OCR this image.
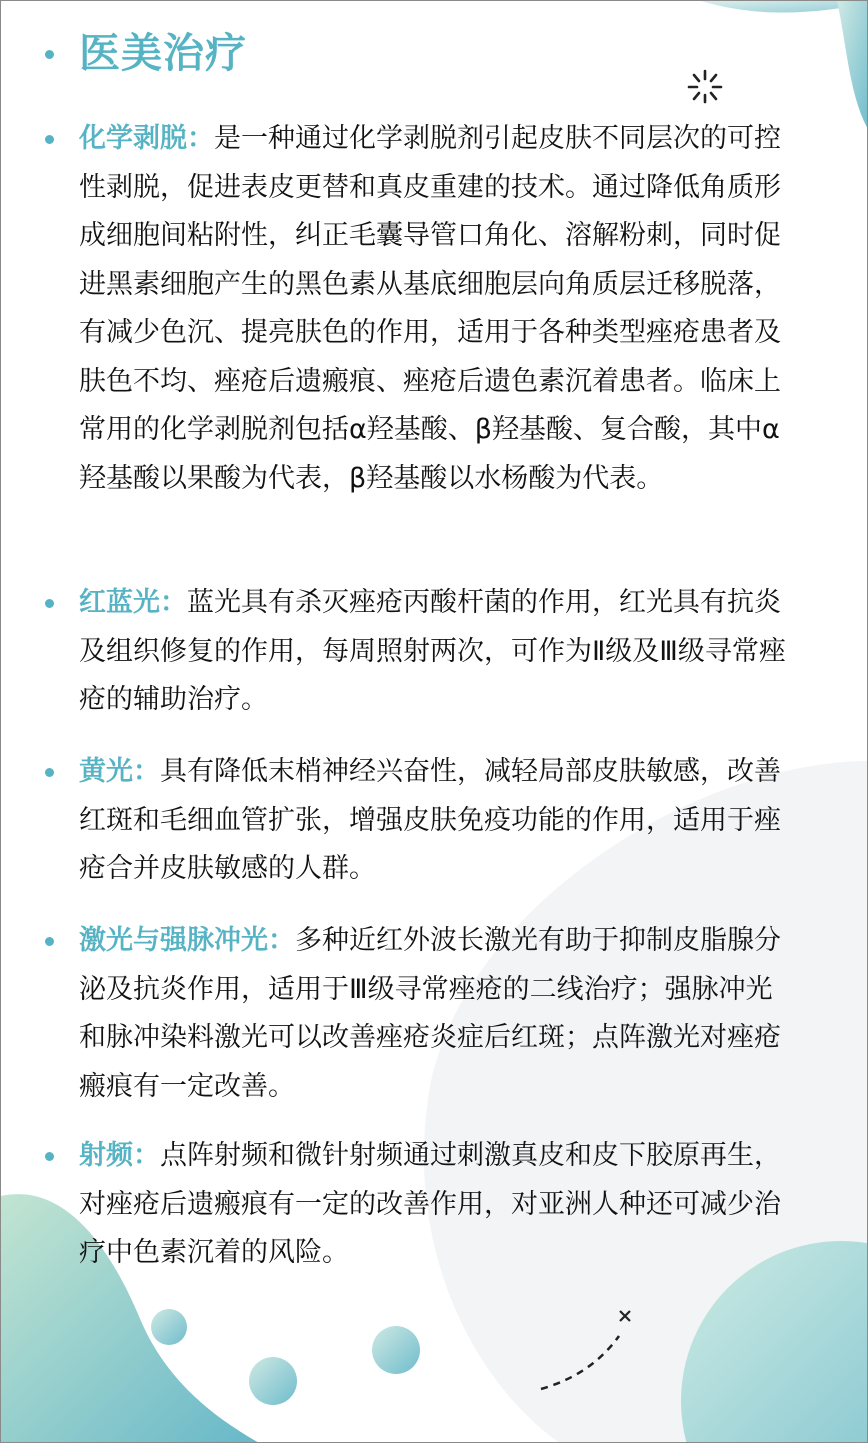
医美治疗

化学剥脱：是一种通过化学剥脱剂引起皮肤不同层次的可控性剥脱，促进表皮更替和真皮重建的技术。通过降低角质形成细胞间粘附性，纠正毛囊导管口角化、溶解粉刺，同时促进黑素细胞产生的黑色素从基底细胞层向角质层迁移脱落，有减少色沉、提亮肤色的作用，适用于各种类型痤疮患者及肤色不均、痤疮后遗瘢痕、痤疮后遗色素沉着患者。临床上常用的化学剥脱剂包括α羟基酸、β羟基酸、复合酸，其中α羟基酸以果酸为代表，β羟基酸以水杨酸为代表。

红蓝光：蓝光具有杀灭痤疮丙酸杆菌的作用，红光具有抗炎及组织修复的作用，每周照射两次，可作为Ⅱ级及Ⅲ级寻常痤疮的辅助治疗。

黄光：具有降低末梢神经兴奋性，减轻局部皮肤敏感，改善红斑和毛细血管扩张，增强皮肤免疫功能的作用，适用于痤疮合并皮肤敏感的人群。

激光与强脉冲光：多种近红外波长激光有助于抑制皮脂腺分泌及抗炎作用，适用于Ⅲ级寻常痤疮的二线治疗；强脉冲光和脉冲染料激光可以改善痤疮炎症后红斑；点阵激光对痤疮瘢痕有一定改善。

射频：点阵射频和微针射频通过刺激真皮和皮下胶原再生，对痤疮后遗瘢痕有一定的改善作用，对亚洲人种还可减少治疗中色素沉着的风险。
